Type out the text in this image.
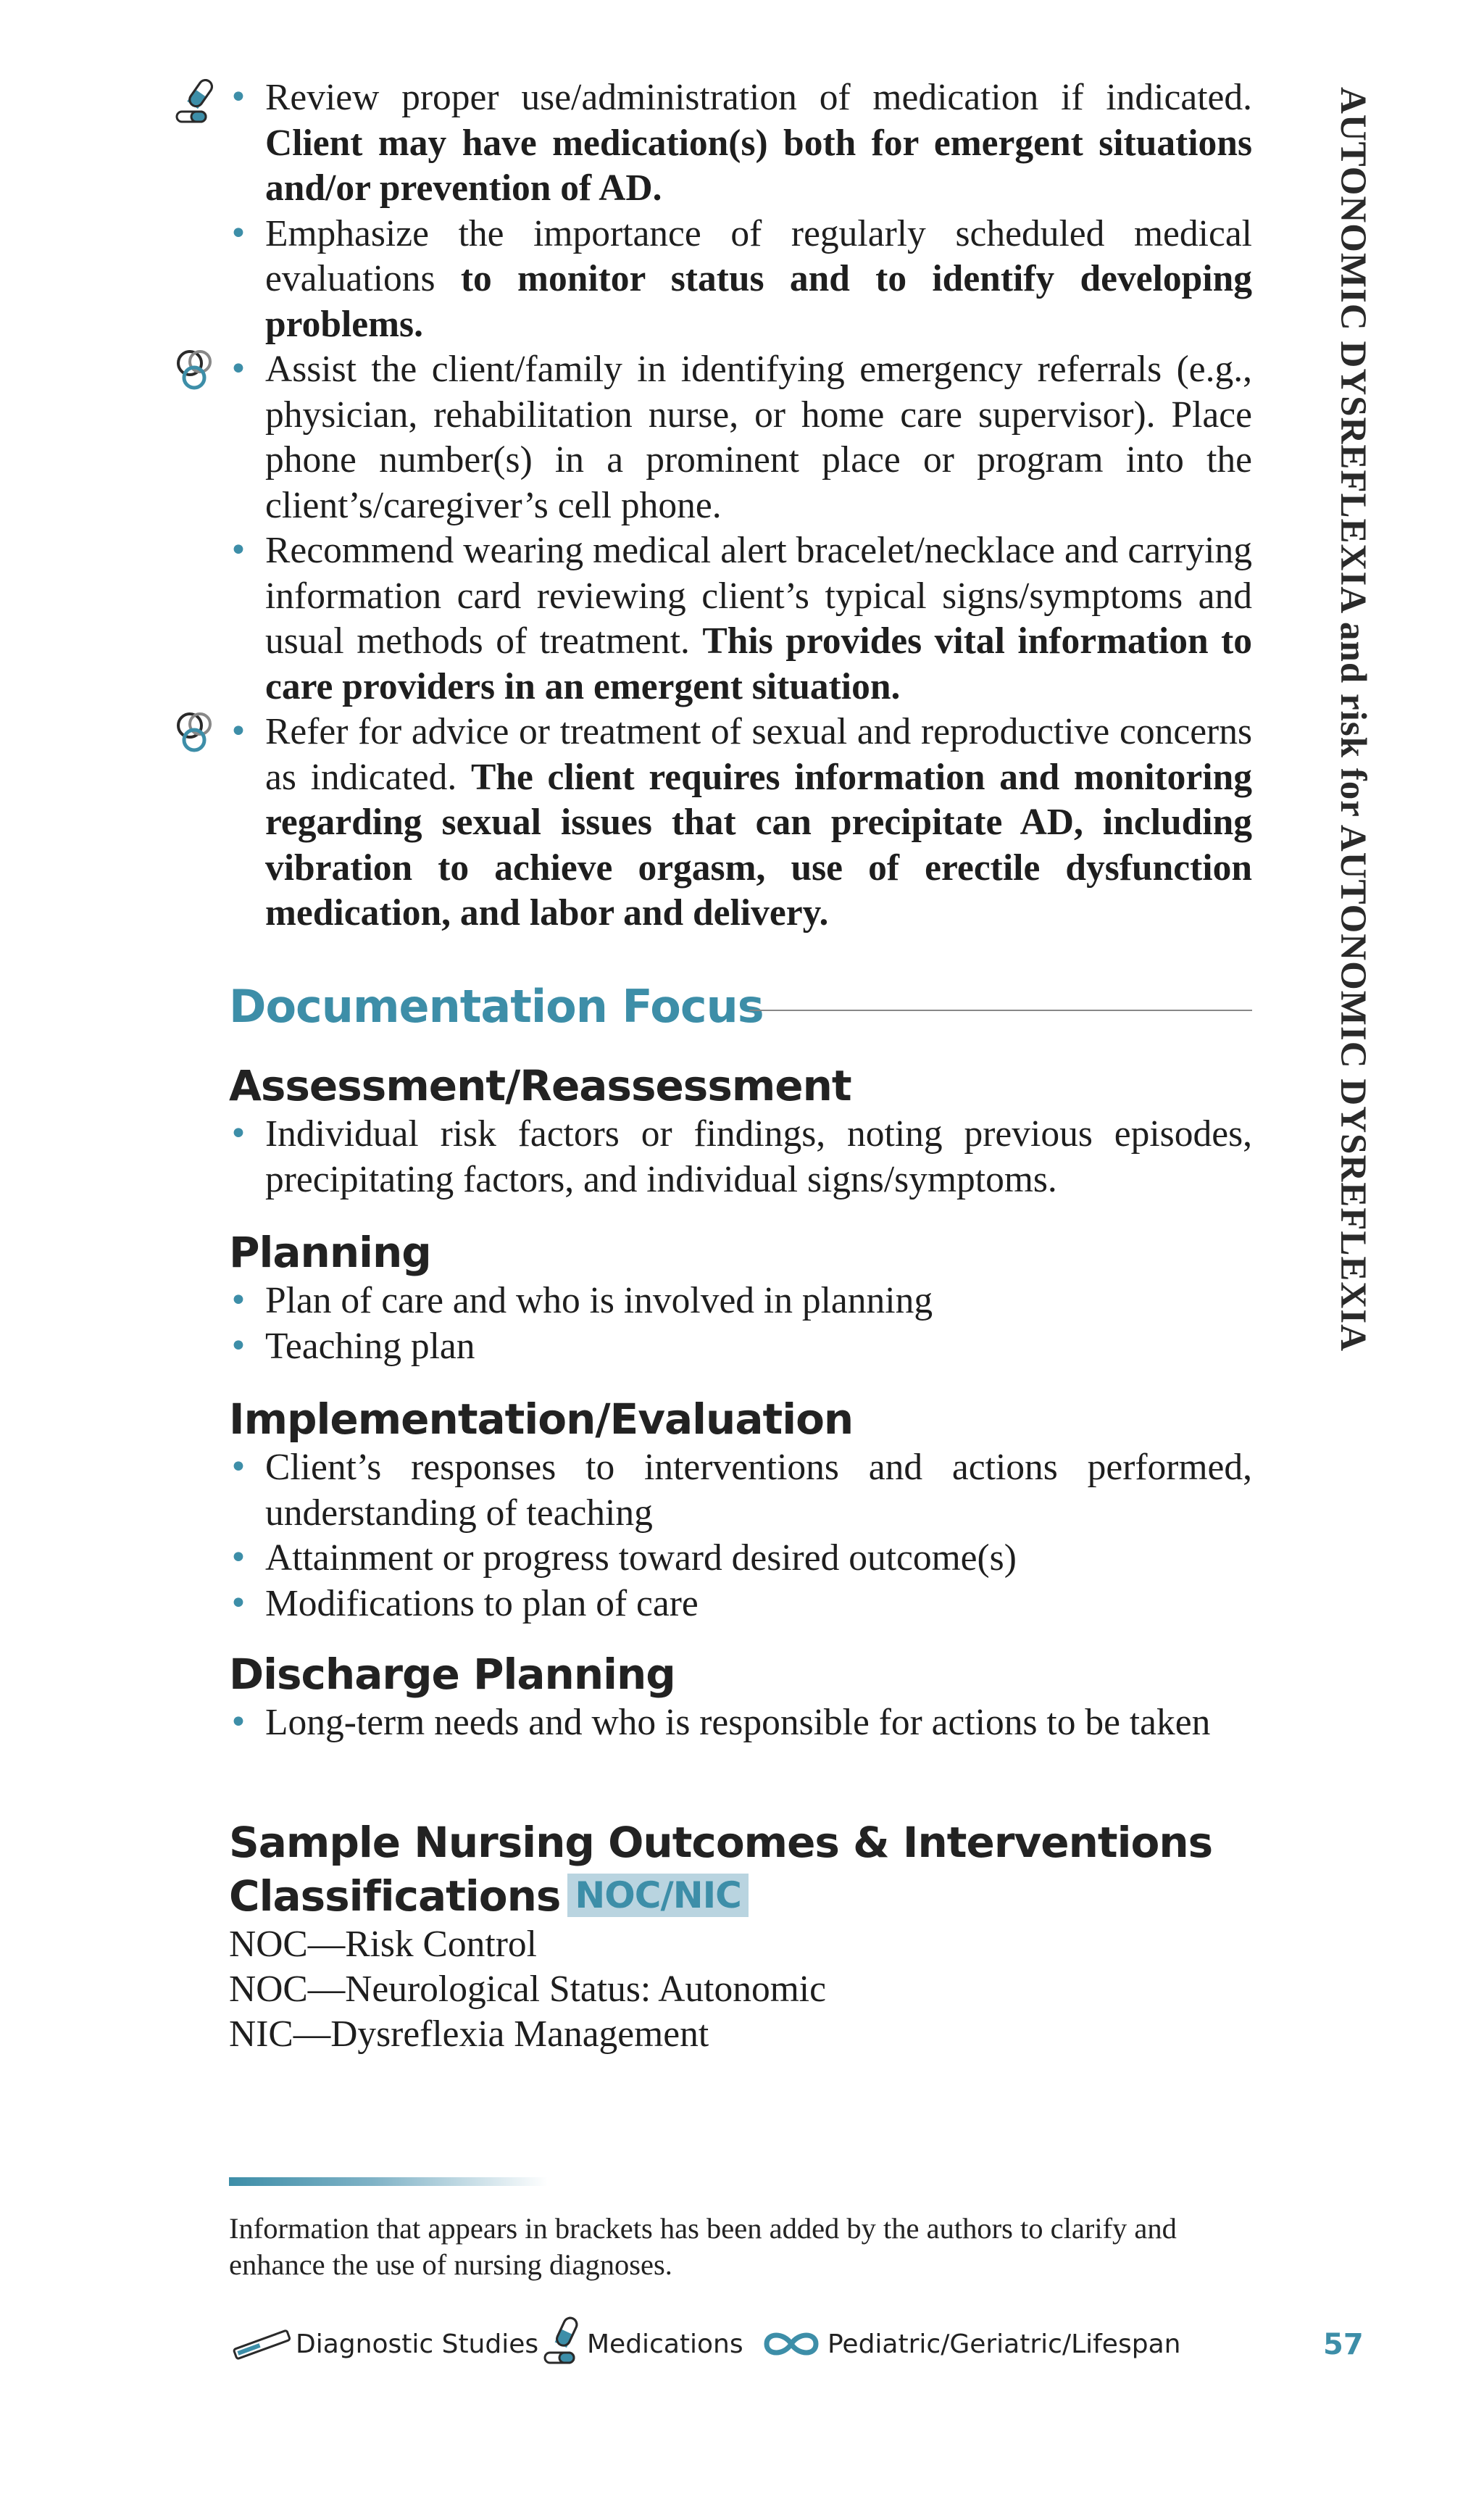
AUTONOMIC DYSREFLEXIA and risk for AUTONOMIC DYSREFLEXIA
• Review proper use/administration of medication if indicated. Client may have medication(s) both for emergent situations and/or prevention of AD.
• Emphasize the importance of regularly scheduled medical evaluations to monitor status and to identify developing problems.
• Assist the client/family in identifying emergency referrals (e.g., physician, rehabilitation nurse, or home care supervisor). Place phone number(s) in a prominent place or program into the client’s/caregiver’s cell phone.
• Recommend wearing medical alert bracelet/necklace and carrying information card reviewing client’s typical signs/symptoms and usual methods of treatment. This provides vital information to care providers in an emergent situation.
• Refer for advice or treatment of sexual and reproductive concerns as indicated. The client requires information and monitoring regarding sexual issues that can precipitate AD, including vibration to achieve orgasm, use of erectile dysfunction medication, and labor and delivery.
Documentation Focus
Assessment/Reassessment
• Individual risk factors or findings, noting previous episodes, precipitating factors, and individual signs/symptoms.
Planning
• Plan of care and who is involved in planning
• Teaching plan
Implementation/Evaluation
• Client’s responses to interventions and actions performed, understanding of teaching
• Attainment or progress toward desired outcome(s)
• Modifications to plan of care
Discharge Planning
• Long-term needs and who is responsible for actions to be taken
Sample Nursing Outcomes & Interventions
Classifications NOC/NIC
NOC—Risk Control
NOC—Neurological Status: Autonomic
NIC—Dysreflexia Management
Information that appears in brackets has been added by the authors to clarify and enhance the use of nursing diagnoses.
Diagnostic Studies Medications	Pediatric/Geriatric/Lifespan	57
